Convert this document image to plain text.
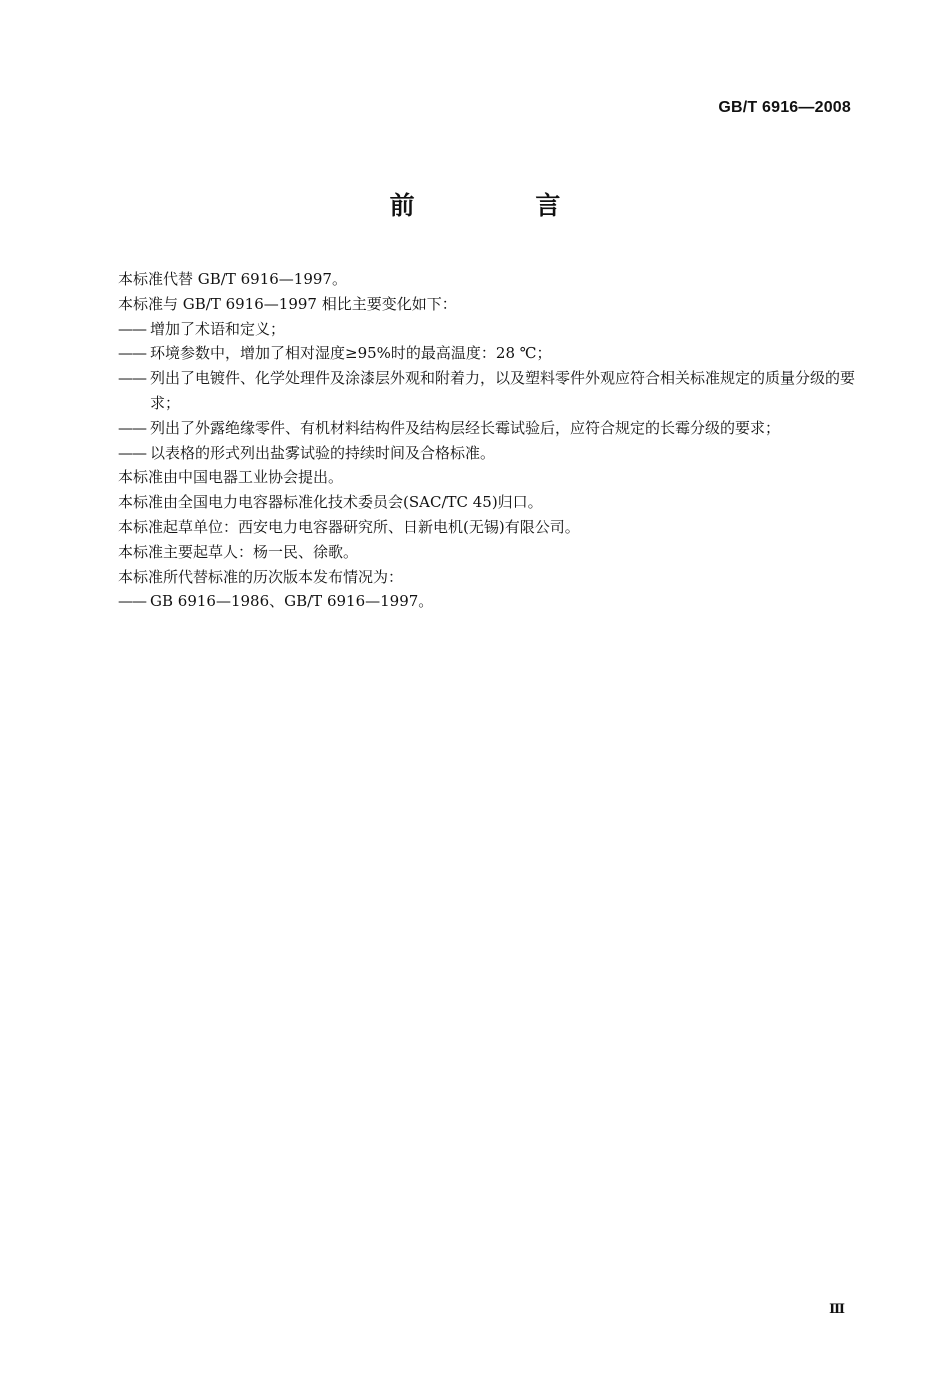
GB/T 6916—2008
前 言

本标准代替 GB/T 6916—1997。

本标准与 GB/T 6916—1997 相比主要变化如下：

—— 增加了术语和定义；

—— 环境参数中，增加了相对湿度≥95%时的最高温度：28 ℃；

—— 列出了电镀件、化学处理件及涂漆层外观和附着力，以及塑料零件外观应符合相关标准规定的质量分级的要求；

—— 列出了外露绝缘零件、有机材料结构件及结构层经长霉试验后，应符合规定的长霉分级的要求；

—— 以表格的形式列出盐雾试验的持续时间及合格标准。

本标准由中国电器工业协会提出。

本标准由全国电力电容器标准化技术委员会(SAC/TC 45)归口。

本标准起草单位：西安电力电容器研究所、日新电机(无锡)有限公司。

本标准主要起草人：杨一民、徐歌。

本标准所代替标准的历次版本发布情况为：

—— GB 6916—1986、GB/T 6916—1997。

Ⅲ
